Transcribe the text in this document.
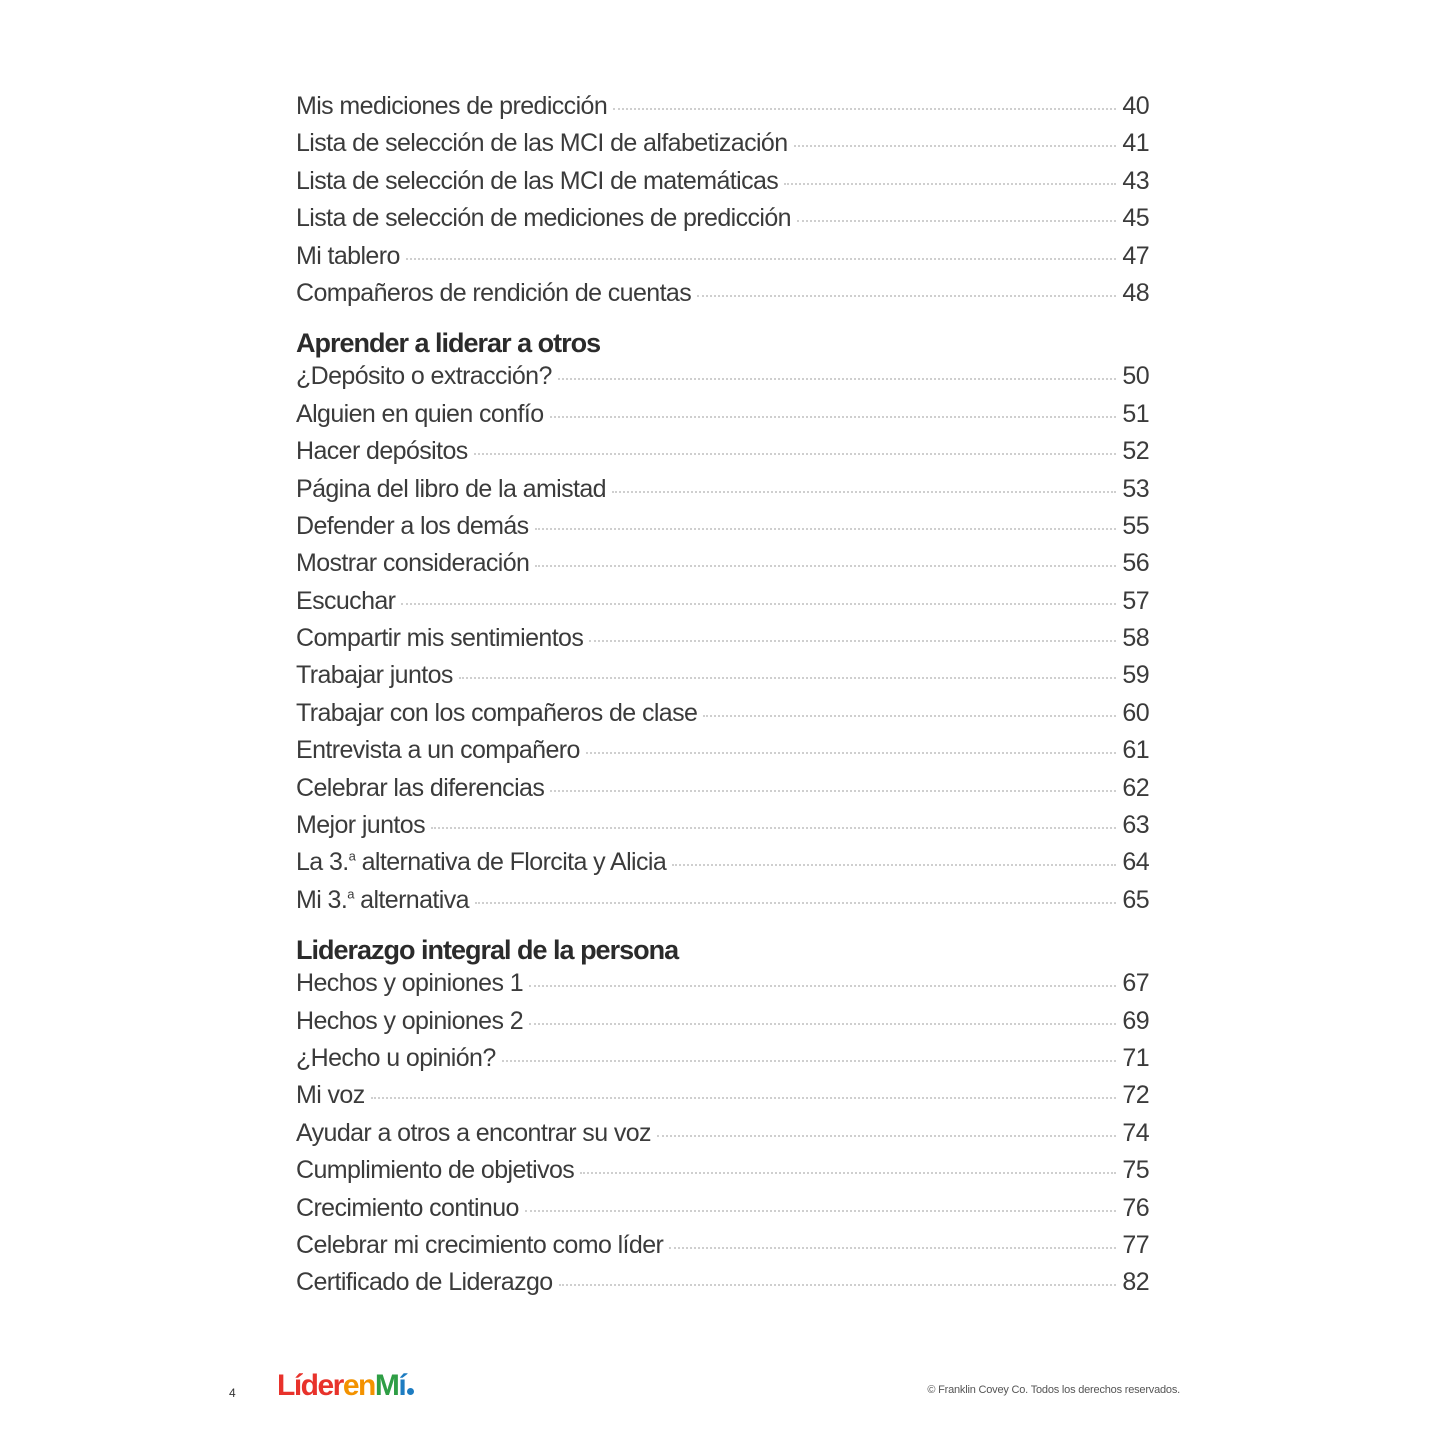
Mis mediciones de predicción	40
Lista de selección de las MCI de alfabetización	41
Lista de selección de las MCI de matemáticas	43
Lista de selección de mediciones de predicción	45
Mi tablero	47
Compañeros de rendición de cuentas	48
Aprender a liderar a otros
¿Depósito o extracción?	50
Alguien en quien confío	51
Hacer depósitos	52
Página del libro de la amistad	53
Defender a los demás	55
Mostrar consideración	56
Escuchar	57
Compartir mis sentimientos	58
Trabajar juntos	59
Trabajar con los compañeros de clase	60
Entrevista a un compañero	61
Celebrar las diferencias	62
Mejor juntos	63
La 3.$^a$ alternativa de Florcita y Alicia	64
Mi 3.$^a$ alternativa	65
Liderazgo integral de la persona
Hechos y opiniones 1	67
Hechos y opiniones 2	69
¿Hecho u opinión?	71
Mi voz	72
Ayudar a otros a encontrar su voz	74
Cumplimiento de objetivos	75
Crecimiento continuo	76
Celebrar mi crecimiento como líder	77
Certificado de Liderazgo	82
4 LíderenMí	© Franklin Covey Co. Todos los derechos reservados.
